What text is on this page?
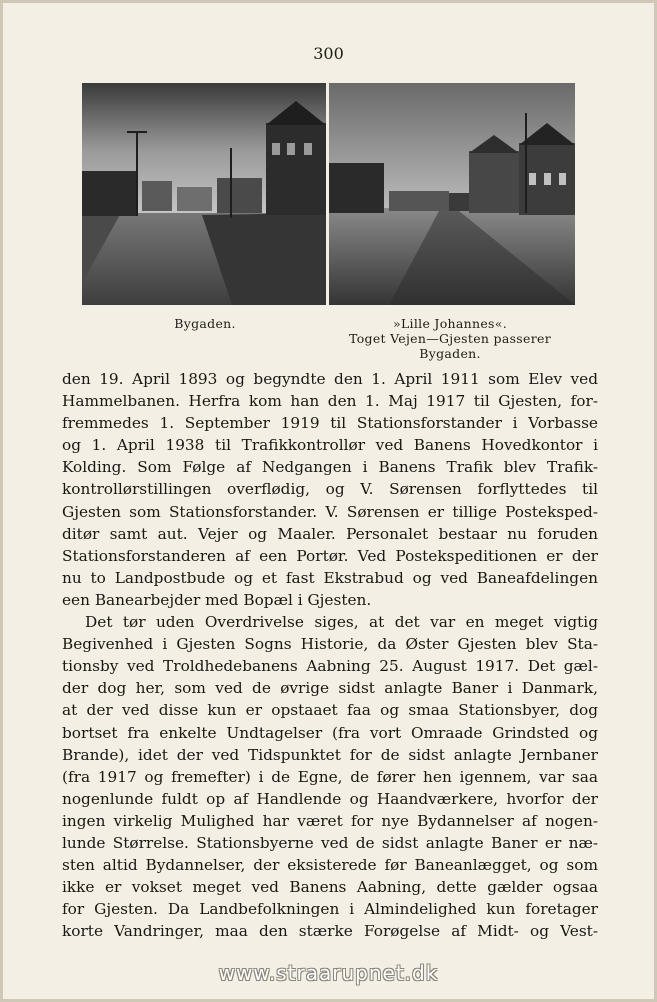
300
Bygaden.	»Lille Johannes«.
Toget Vejen—Gjesten passerer
Bygaden.
den 19. April 1893 og begyndte den 1. April 1911 som Elev ved
Hammelbanen. Herfra kom han den 1. Maj 1917 til Gjesten, for-
fremmedes 1. September 1919 til Stationsforstander i Vorbasse
og 1. April 1938 til Trafikkontrollør ved Banens Hovedkontor i
Kolding. Som Følge af Nedgangen i Banens Trafik blev Trafik-
kontrollørstillingen overflødig, og V. Sørensen forflyttedes til
Gjesten som Stationsforstander. V. Sørensen er tillige Posteksped-
ditør samt aut. Vejer og Maaler. Personalet bestaar nu foruden
Stationsforstanderen af een Portør. Ved Postekspeditionen er der
nu to Landpostbude og et fast Ekstrabud og ved Baneafdelingen
een Banearbejder med Bopæl i Gjesten.
Det tør uden Overdrivelse siges, at det var en meget vigtig
Begivenhed i Gjesten Sogns Historie, da Øster Gjesten blev Sta-
tionsby ved Troldhedebanens Aabning 25. August 1917. Det gæl-
der dog her, som ved de øvrige sidst anlagte Baner i Danmark,
at der ved disse kun er opstaaet faa og smaa Stationsbyer, dog
bortset fra enkelte Undtagelser (fra vort Omraade Grindsted og
Brande), idet der ved Tidspunktet for de sidst anlagte Jernbaner
(fra 1917 og fremefter) i de Egne, de fører hen igennem, var saa
nogenlunde fuldt op af Handlende og Haandværkere, hvorfor der
ingen virkelig Mulighed har været for nye Bydannelser af nogen-
lunde Størrelse. Stationsbyerne ved de sidst anlagte Baner er næ-
sten altid Bydannelser, der eksisterede før Baneanlægget, og som
ikke er vokset meget ved Banens Aabning, dette gælder ogsaa
for Gjesten. Da Landbefolkningen i Almindelighed kun foretager
korte Vandringer, maa den stærke Forøgelse af Midt- og Vest-
www.straarupnet.dk
